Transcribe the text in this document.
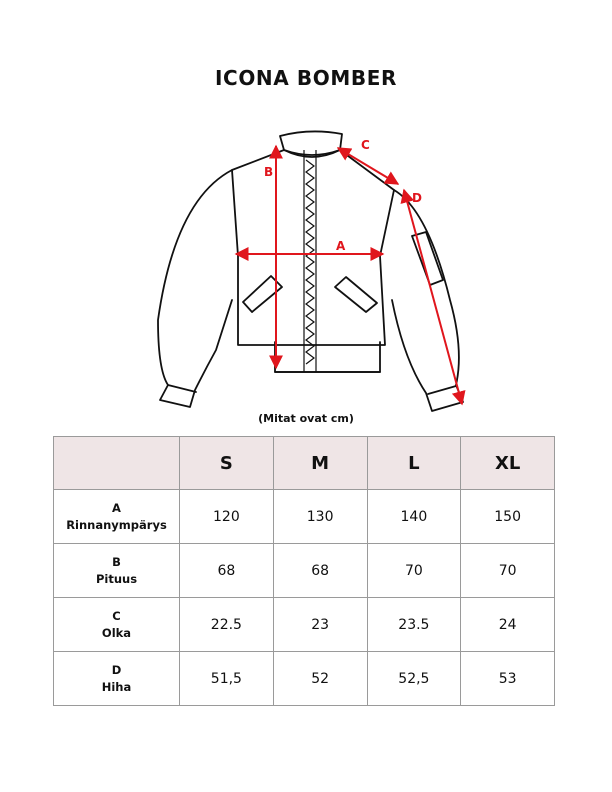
ICONA BOMBER
A
B
C
D
(Mitat ovat cm)
	S	M	L	XL

A
Rinnanympärys	120	130	140	150

B
Pituus	68	68	70	70

C
Olka	22.5	23	23.5	24

D
Hiha	51,5	52	52,5	53
